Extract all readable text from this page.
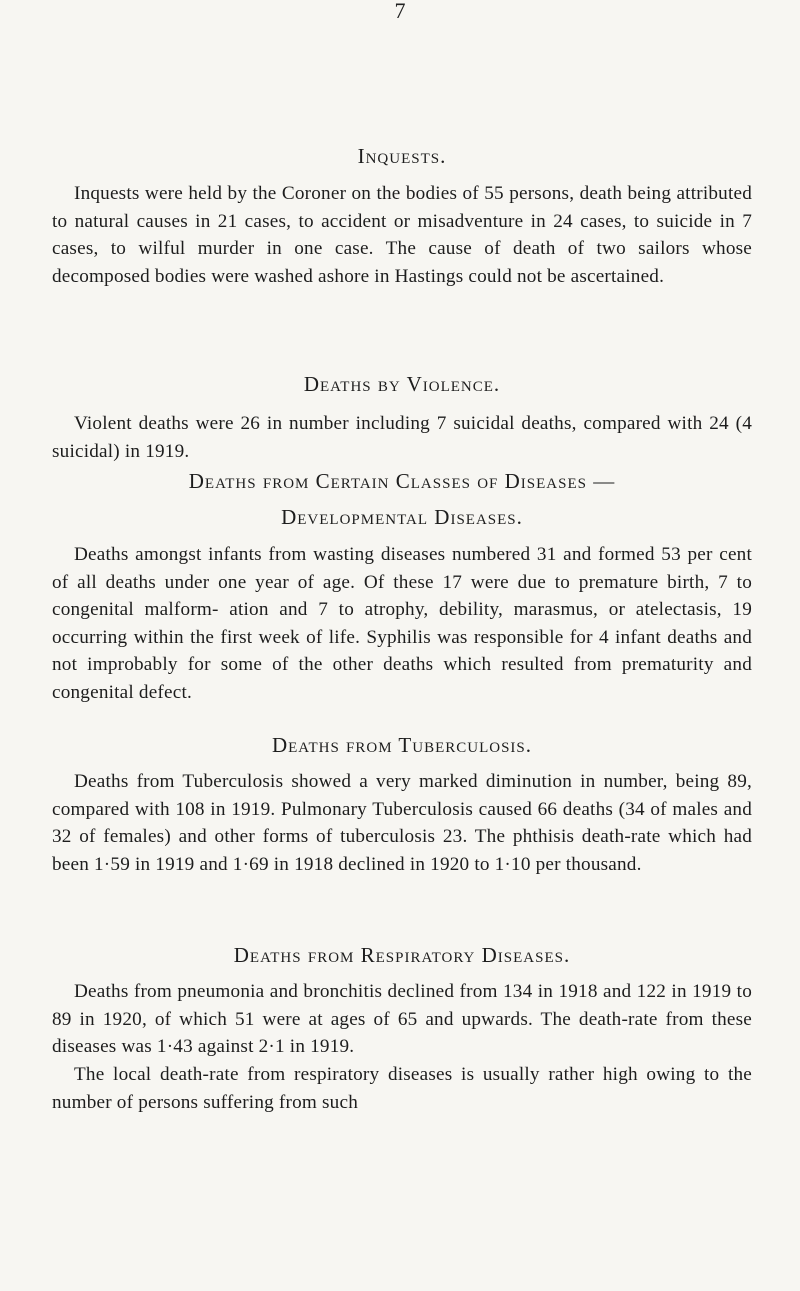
7
Inquests.

Inquests were held by the Coroner on the bodies of 55 persons, death being attributed to natural causes in 21 cases, to accident or misadventure in 24 cases, to suicide in 7 cases, to wilful murder in one case. The cause of death of two sailors whose decomposed bodies were washed ashore in Hastings could not be ascertained.

Deaths by Violence.

Violent deaths were 26 in number including 7 suicidal deaths, compared with 24 (4 suicidal) in 1919.

Deaths from Certain Classes of Diseases —
Developmental Diseases.

Deaths amongst infants from wasting diseases numbered 31 and formed 53 per cent of all deaths under one year of age. Of these 17 were due to premature birth, 7 to congenital malform- ation and 7 to atrophy, debility, marasmus, or atelectasis, 19 occurring within the first week of life. Syphilis was responsible for 4 infant deaths and not improbably for some of the other deaths which resulted from prematurity and congenital defect.

Deaths from Tuberculosis.

Deaths from Tuberculosis showed a very marked diminution in number, being 89, compared with 108 in 1919. Pulmonary Tuberculosis caused 66 deaths (34 of males and 32 of females) and other forms of tuberculosis 23. The phthisis death-rate which had been 1·59 in 1919 and 1·69 in 1918 declined in 1920 to 1·10 per thousand.

Deaths from Respiratory Diseases.

Deaths from pneumonia and bronchitis declined from 134 in 1918 and 122 in 1919 to 89 in 1920, of which 51 were at ages of 65 and upwards. The death-rate from these diseases was 1·43 against 2·1 in 1919.

The local death-rate from respiratory diseases is usually rather high owing to the number of persons suffering from such
